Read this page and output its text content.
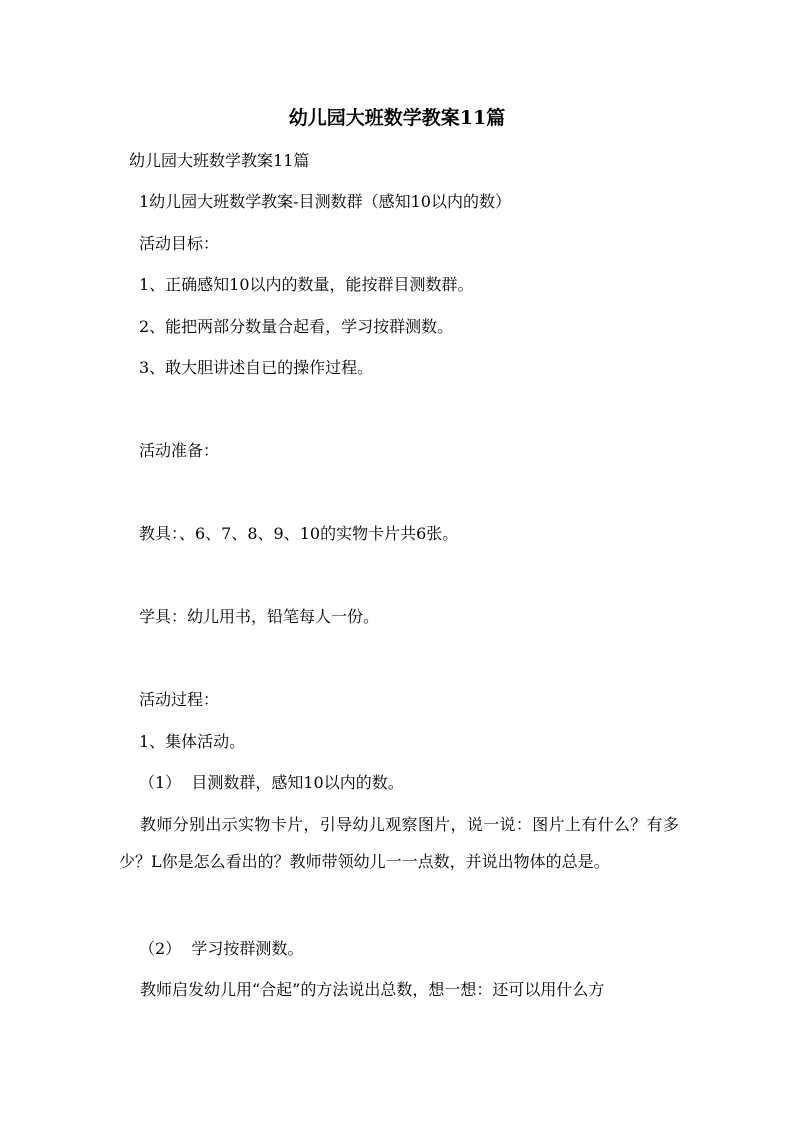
幼儿园大班数学教案11篇
幼儿园大班数学教案11篇
1幼儿园大班数学教案-目测数群（感知10以内的数）
活动目标：
1、正确感知10以内的数量，能按群目测数群。
2、能把两部分数量合起看，学习按群测数。
3、敢大胆讲述自已的操作过程。
活动准备：
教具：、6、7、8、9、10的实物卡片共6张。
学具：幼儿用书，铅笔每人一份。
活动过程：
1、集体活动。
（1）  目测数群，感知10以内的数。
教师分别出示实物卡片，引导幼儿观察图片，说一说：图片上有什么？有多少？L你是怎么看出的？教师带领幼儿一一点数，并说出物体的总是。
（2）  学习按群测数。
教师启发幼儿用“合起”的方法说出总数，想一想：还可以用什么方
